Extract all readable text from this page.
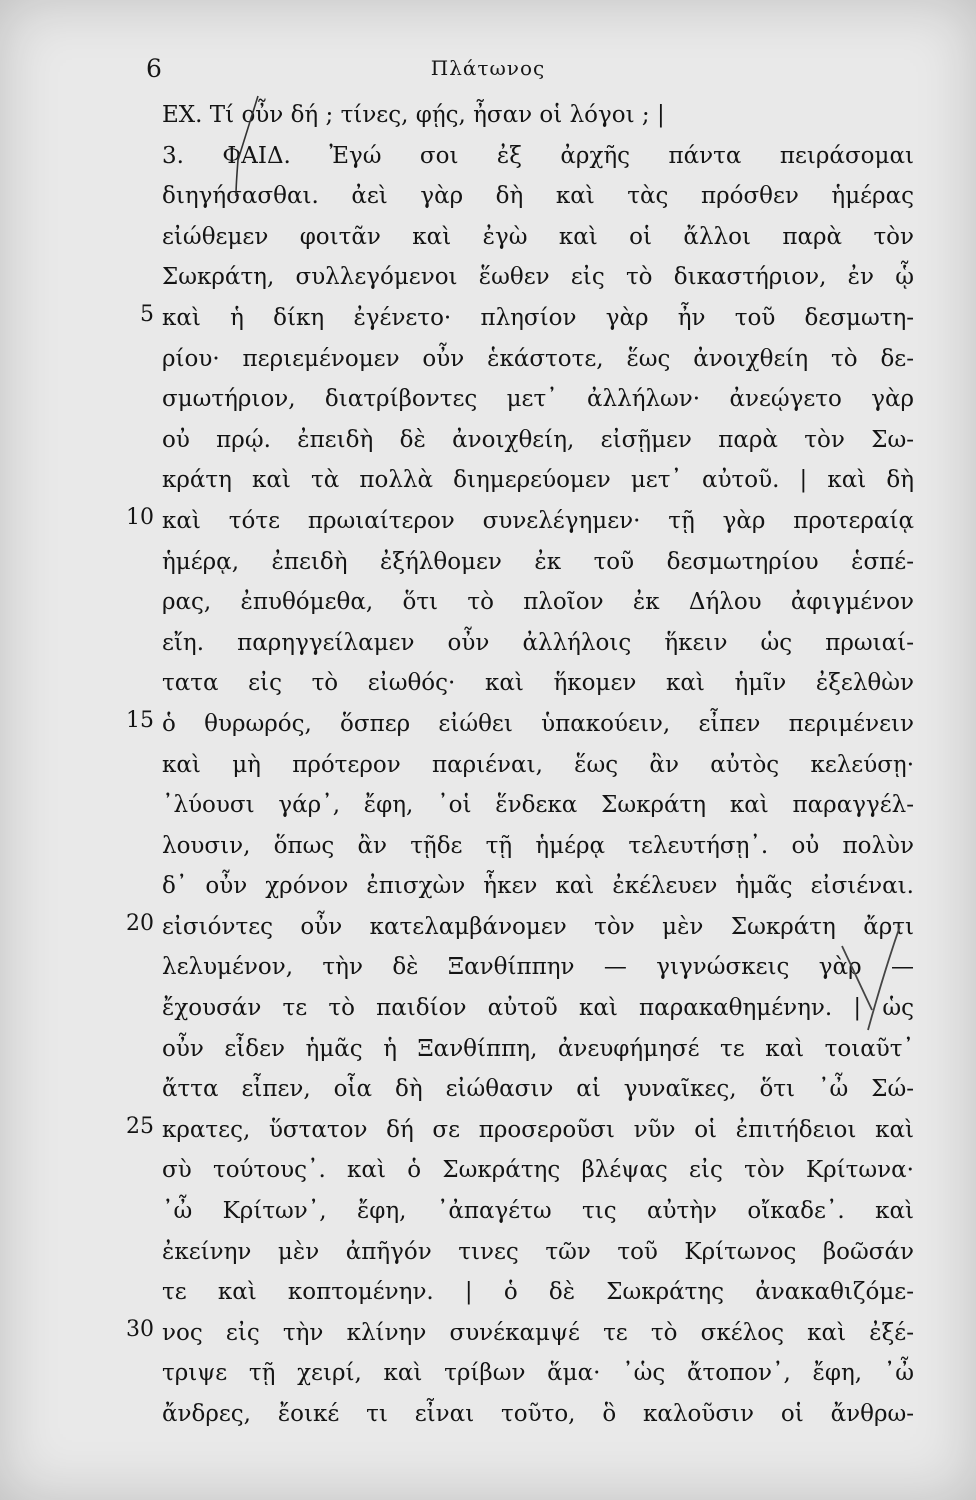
6	Πλάτωνος
ΕΧ. Τί οὖν δή ; τίνες, φῄς, ἦσαν οἱ λόγοι ; |
3. ΦΑΙΔ. Ἐγώ σοι ἐξ ἀρχῆς πάντα πειράσομαι
διηγήσασθαι. ἀεὶ γὰρ δὴ καὶ τὰς πρόσθεν ἡμέρας
εἰώθεμεν φοιτᾶν καὶ ἐγὼ καὶ οἱ ἄλλοι παρὰ τὸν
Σωκράτη, συλλεγόμενοι ἕωθεν εἰς τὸ δικαστήριον, ἐν ᾧ
5 καὶ ἡ δίκη ἐγένετο· πλησίον γὰρ ἦν τοῦ δεσμωτη-
ρίου· περιεμένομεν οὖν ἑκάστοτε, ἕως ἀνοιχθείη τὸ δε-
σμωτήριον, διατρίβοντες μετ᾽ ἀλλήλων· ἀνεῴγετο γὰρ
οὐ πρῴ. ἐπειδὴ δὲ ἀνοιχθείη, εἰσῇμεν παρὰ τὸν Σω-
κράτη καὶ τὰ πολλὰ διημερεύομεν μετ᾽ αὐτοῦ. | καὶ δὴ
10 καὶ τότε πρωιαίτερον συνελέγημεν· τῇ γὰρ προτεραίᾳ
ἡμέρᾳ, ἐπειδὴ ἐξήλθομεν ἐκ τοῦ δεσμωτηρίου ἑσπέ-
ρας, ἐπυθόμεθα, ὅτι τὸ πλοῖον ἐκ Δήλου ἀφιγμένον
εἴη. παρηγγείλαμεν οὖν ἀλλήλοις ἥκειν ὡς πρωιαί-
τατα εἰς τὸ εἰωθός· καὶ ἥκομεν καὶ ἡμῖν ἐξελθὼν
15 ὁ θυρωρός, ὅσπερ εἰώθει ὑπακούειν, εἶπεν περιμένειν
καὶ μὴ πρότερον παριέναι, ἕως ἂν αὐτὸς κελεύσῃ·
᾽λύουσι γάρ᾽, ἔφη, ᾽οἱ ἕνδεκα Σωκράτη καὶ παραγγέλ-
λουσιν, ὅπως ἂν τῇδε τῇ ἡμέρᾳ τελευτήσῃ᾽. οὐ πολὺν
δ᾽ οὖν χρόνον ἐπισχὼν ἧκεν καὶ ἐκέλευεν ἡμᾶς εἰσιέναι.
20 εἰσιόντες οὖν κατελαμβάνομεν τὸν μὲν Σωκράτη ἄρτι
λελυμένον, τὴν δὲ Ξανθίππην — γιγνώσκεις γὰρ —
ἔχουσάν τε τὸ παιδίον αὐτοῦ καὶ παρακαθημένην. | ὡς
οὖν εἶδεν ἡμᾶς ἡ Ξανθίππη, ἀνευφήμησέ τε καὶ τοιαῦτ᾽
ἄττα εἶπεν, οἷα δὴ εἰώθασιν αἱ γυναῖκες, ὅτι ᾽ὦ Σώ-
25 κρατες, ὕστατον δή σε προσεροῦσι νῦν οἱ ἐπιτήδειοι καὶ
σὺ τούτους᾽. καὶ ὁ Σωκράτης βλέψας εἰς τὸν Κρίτωνα·
᾽ὦ Κρίτων᾽, ἔφη, ᾽ἀπαγέτω τις αὐτὴν οἴκαδε᾽. καὶ
ἐκείνην μὲν ἀπῆγόν τινες τῶν τοῦ Κρίτωνος βοῶσάν
τε καὶ κοπτομένην. | ὁ δὲ Σωκράτης ἀνακαθιζόμε-
30 νος εἰς τὴν κλίνην συνέκαμψέ τε τὸ σκέλος καὶ ἐξέ-
τριψε τῇ χειρί, καὶ τρίβων ἅμα· ᾽ὡς ἄτοπον᾽, ἔφη, ᾽ὦ
ἄνδρες, ἔοικέ τι εἶναι τοῦτο, ὃ καλοῦσιν οἱ ἄνθρω-
